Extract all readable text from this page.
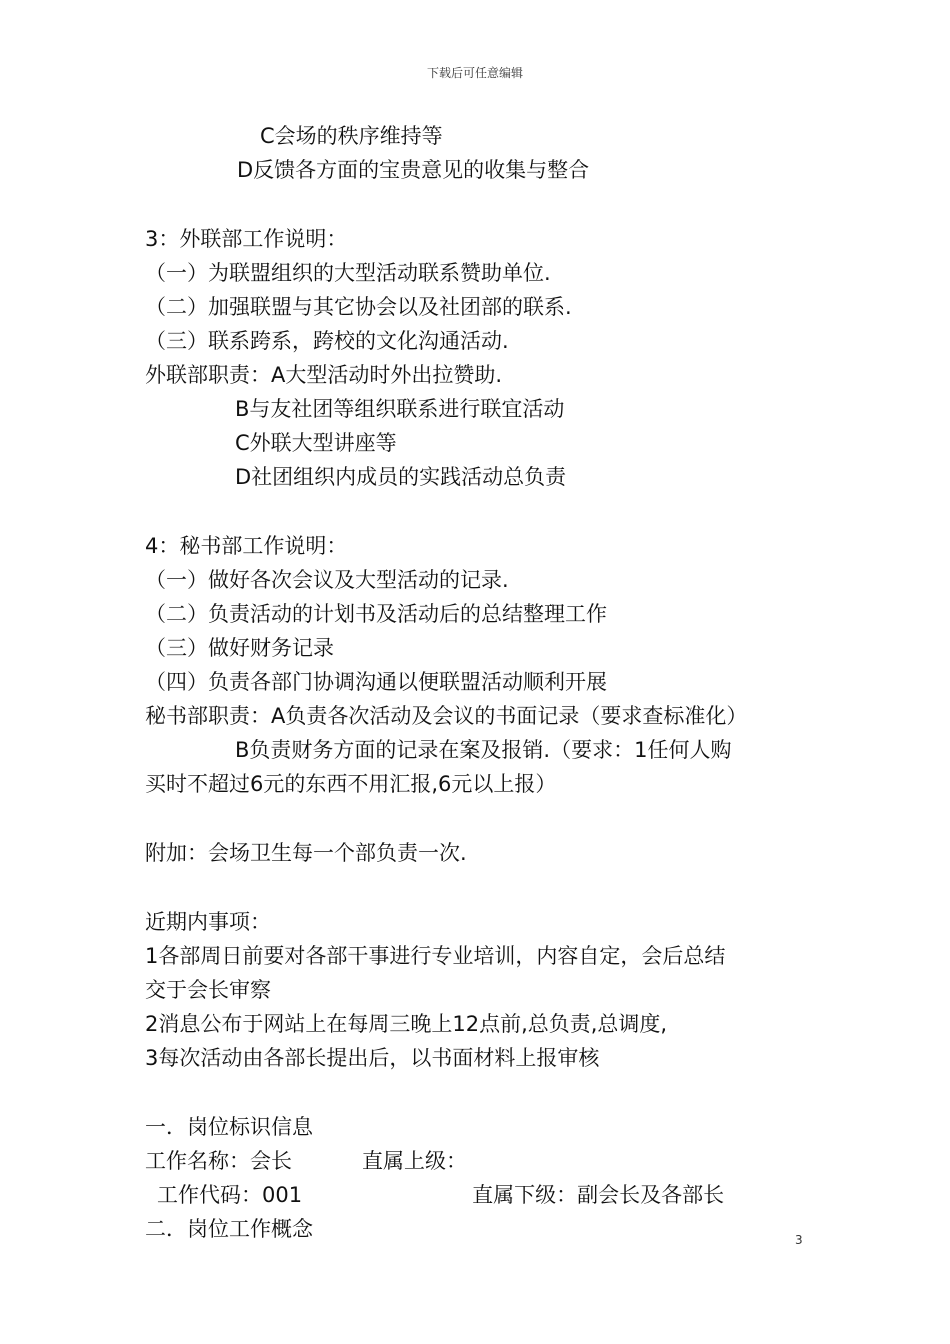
下载后可任意编辑
C会场的秩序维持等
D反馈各方面的宝贵意见的收集与整合
3：外联部工作说明：
（一）为联盟组织的大型活动联系赞助单位.
（二）加强联盟与其它协会以及社团部的联系.
（三）联系跨系，跨校的文化沟通活动.
外联部职责：A大型活动时外出拉赞助.
B与友社团等组织联系进行联宜活动
C外联大型讲座等
D社团组织内成员的实践活动总负责
4：秘书部工作说明：
（一）做好各次会议及大型活动的记录.
（二）负责活动的计划书及活动后的总结整理工作
（三）做好财务记录
（四）负责各部门协调沟通以便联盟活动顺利开展
秘书部职责：A负责各次活动及会议的书面记录（要求查标准化）
B负责财务方面的记录在案及报销.（要求：1任何人购
买时不超过6元的东西不用汇报,6元以上报）
附加：会场卫生每一个部负责一次.
近期内事项：
1各部周日前要对各部干事进行专业培训，内容自定，会后总结
交于会长审察
2消息公布于网站上在每周三晚上12点前,总负责,总调度,
3每次活动由各部长提出后，以书面材料上报审核
一．岗位标识信息
工作名称：会长	直属上级：
工作代码：001	直属下级：副会长及各部长
二．岗位工作概念	3
